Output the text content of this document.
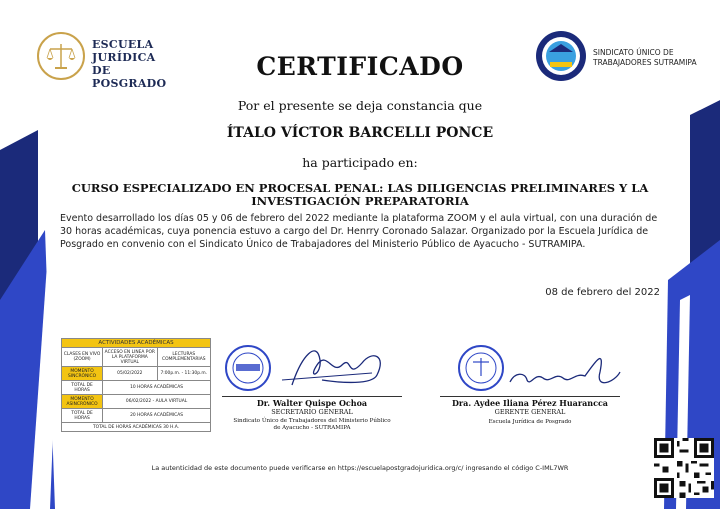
ESCUELA
JURÍDICA
DE POSGRADO
SINDICATO ÚNICO DE
TRABAJADORES SUTRAMIPA
CERTIFICADO
Por el presente se deja constancia que
ÍTALO VÍCTOR BARCELLI PONCE
ha participado en:
CURSO ESPECIALIZADO EN PROCESAL PENAL: LAS DILIGENCIAS PRELIMINARES Y LA INVESTIGACIÓN PREPARATORIA
Evento desarrollado los días 05 y 06 de febrero del 2022 mediante la plataforma ZOOM y el aula virtual, con una duración de 30 horas académicas, cuya ponencia estuvo a cargo del Dr. Henrry Coronado Salazar. Organizado por la Escuela Jurídica de Posgrado en convenio con el Sindicato Único de Trabajadores del Ministerio Público de Ayacucho - SUTRAMIPA.
08 de febrero del 2022
ACTIVIDADES ACADÉMICAS		
CLASES EN VIVO (ZOOM)	ACCESO EN LINEA POR LA PLATAFORMA VIRTUAL	LECTURAS COMPLEMENTARIAS
MOMENTO SINCRÓNICO	05/02/2022	7:00p.m. - 11:30p.m.
TOTAL DE HORAS	10 HORAS ACADÉMICAS	
MOMENTO ASINCRÓNICO	06/02/2022 - AULA VIRTUAL	
TOTAL DE HORAS	20 HORAS ACADÉMICAS	
TOTAL DE HORAS ACADÉMICAS 30 H.A.		
Dr. Walter Quispe Ochoa
SECRETARIO GENERAL
Sindicato Único de Trabajadores del Ministerio Público
de Ayacucho - SUTRAMIPA
Dra. Aydee Iliana Pérez Huarancca
GERENTE GENERAL
Escuela Jurídica de Posgrado
La autenticidad de este documento puede verificarse en https://escuelapostgradojuridica.org/c/ ingresando el código C-IML7WR
